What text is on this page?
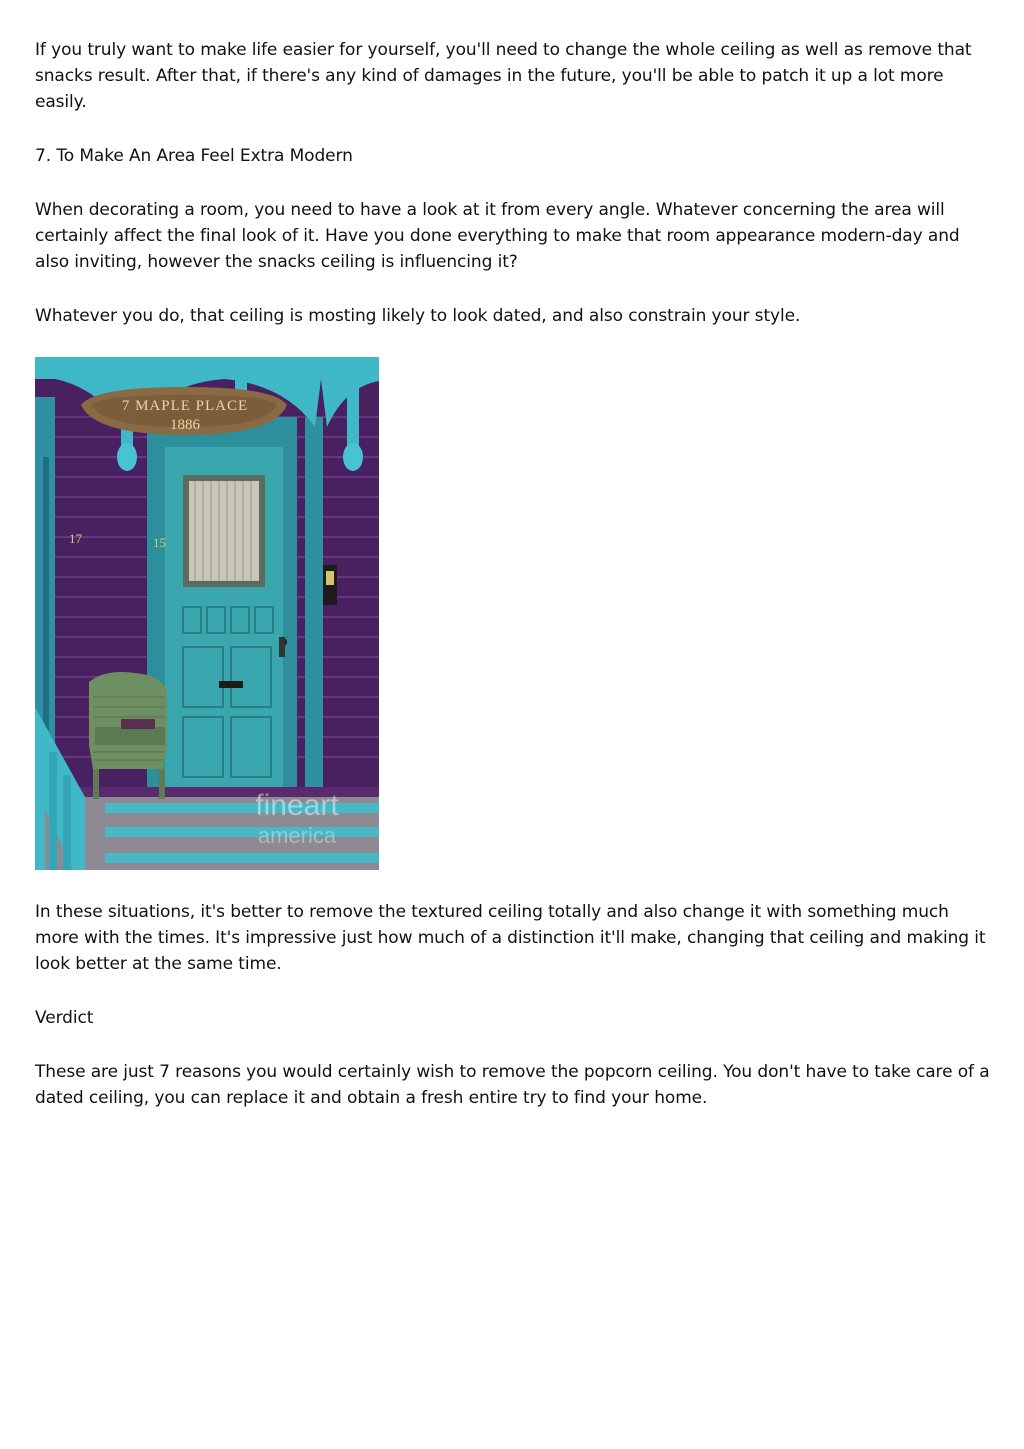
If you truly want to make life easier for yourself, you'll need to change the whole ceiling as well as remove that snacks result. After that, if there's any kind of damages in the future, you'll be able to patch it up a lot more easily.

7. To Make An Area Feel Extra Modern

When decorating a room, you need to have a look at it from every angle. Whatever concerning the area will certainly affect the final look of it. Have you done everything to make that room appearance modern-day and also inviting, however the snacks ceiling is influencing it?

Whatever you do, that ceiling is mosting likely to look dated, and also constrain your style.

7 MAPLE PLACE
1886
17	15
fineart
america

In these situations, it's better to remove the textured ceiling totally and also change it with something much more with the times. It's impressive just how much of a distinction it'll make, changing that ceiling and making it look better at the same time.

Verdict

These are just 7 reasons you would certainly wish to remove the popcorn ceiling. You don't have to take care of a dated ceiling, you can replace it and obtain a fresh entire try to find your home.
